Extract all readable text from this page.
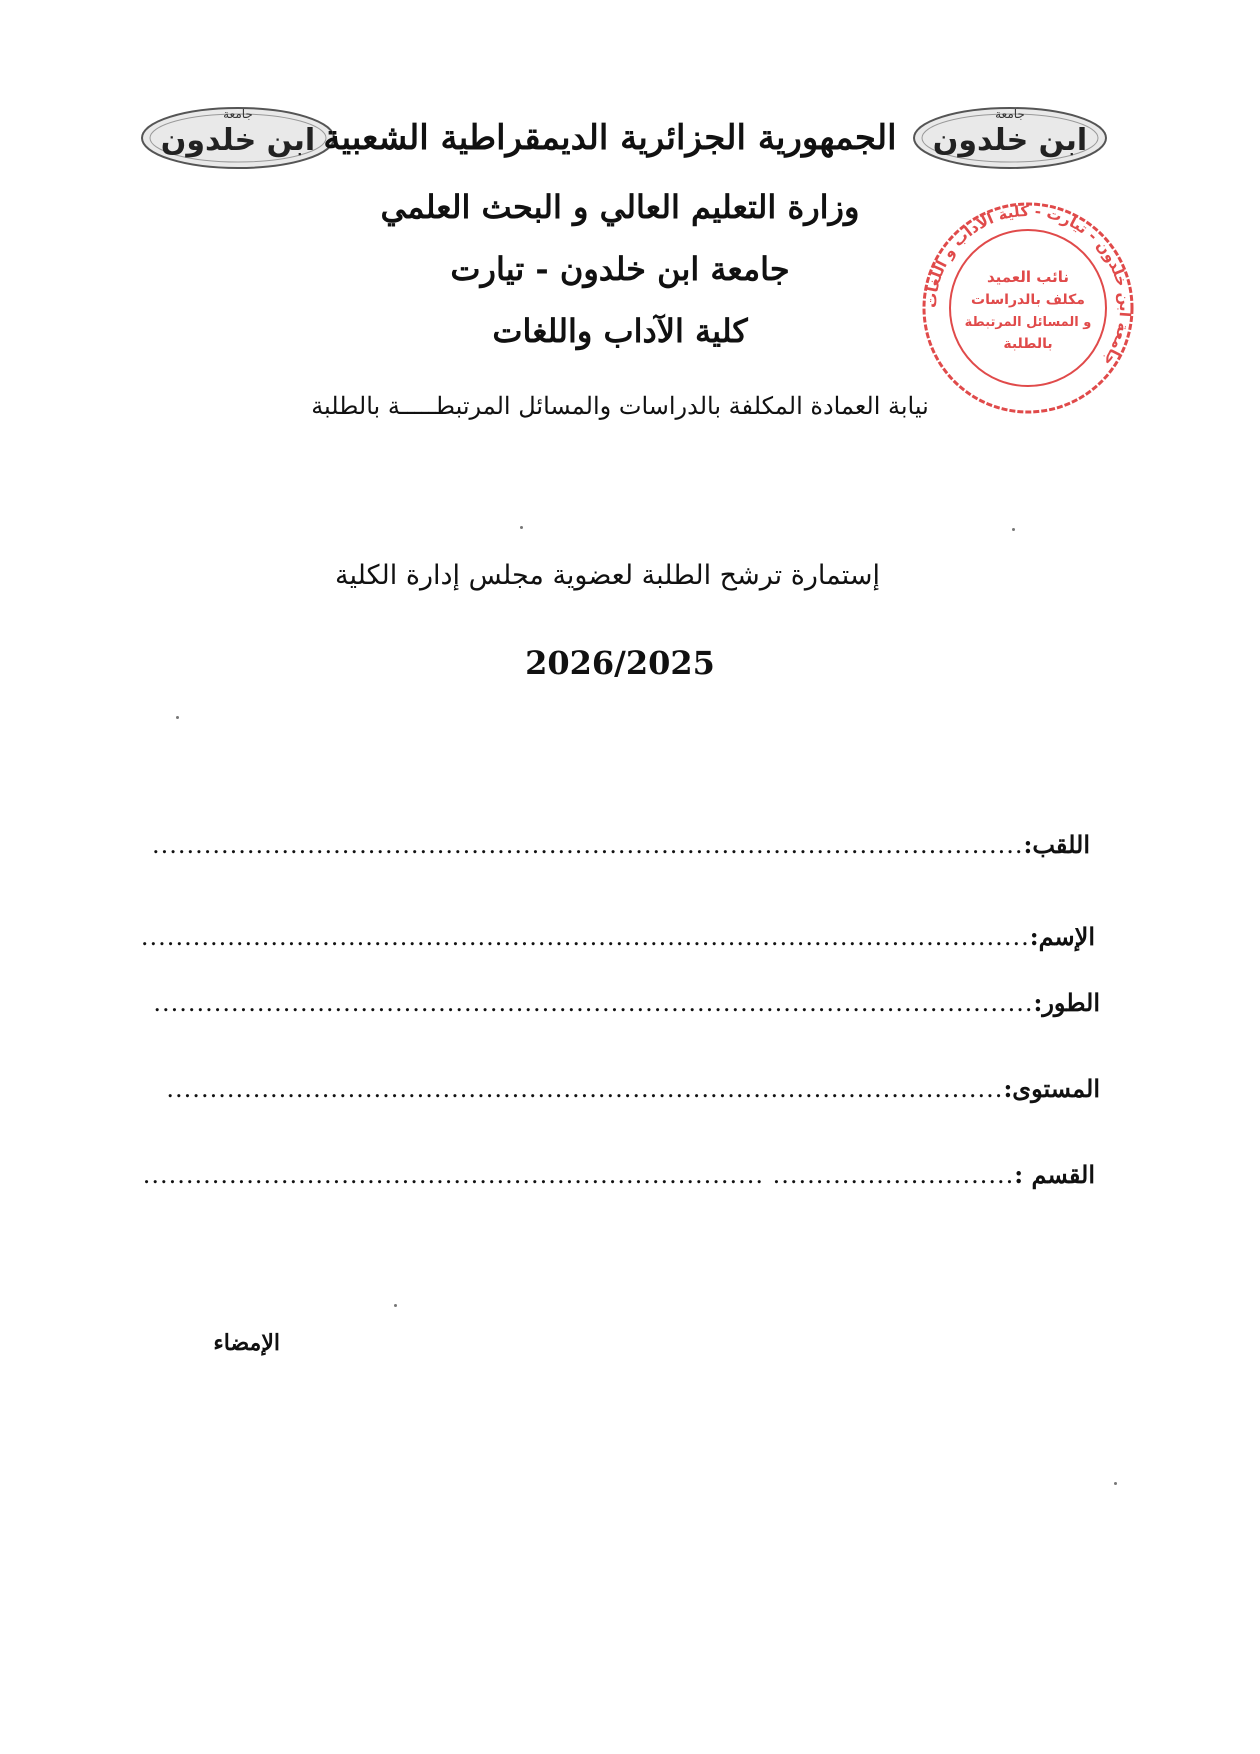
جامعة
ابن خلدون
جامعة
ابن خلدون
الجمهورية الجزائرية الديمقراطية الشعبية
وزارة التعليم العالي و البحث العلمي
جامعة ابن خلدون - تيارت
كلية الآداب واللغات
نيابة العمادة المكلفة بالدراسات والمسائل المرتبطـــــة بالطلبة
جامعة ابن خلدون - تيارت - كلية الآداب و اللغات
نائب العميد
مكلف بالدراسات
و المسائل المرتبطة
بالطلبة
إستمارة ترشح الطلبة لعضوية مجلس إدارة الكلية
2026/2025
اللقب:
.....................................................................................................
الإسم:
.......................................................................................................
الطور:
......................................................................................................
المستوى:
.................................................................................................
القسم :
............................ ........................................................................
الإمضاء
